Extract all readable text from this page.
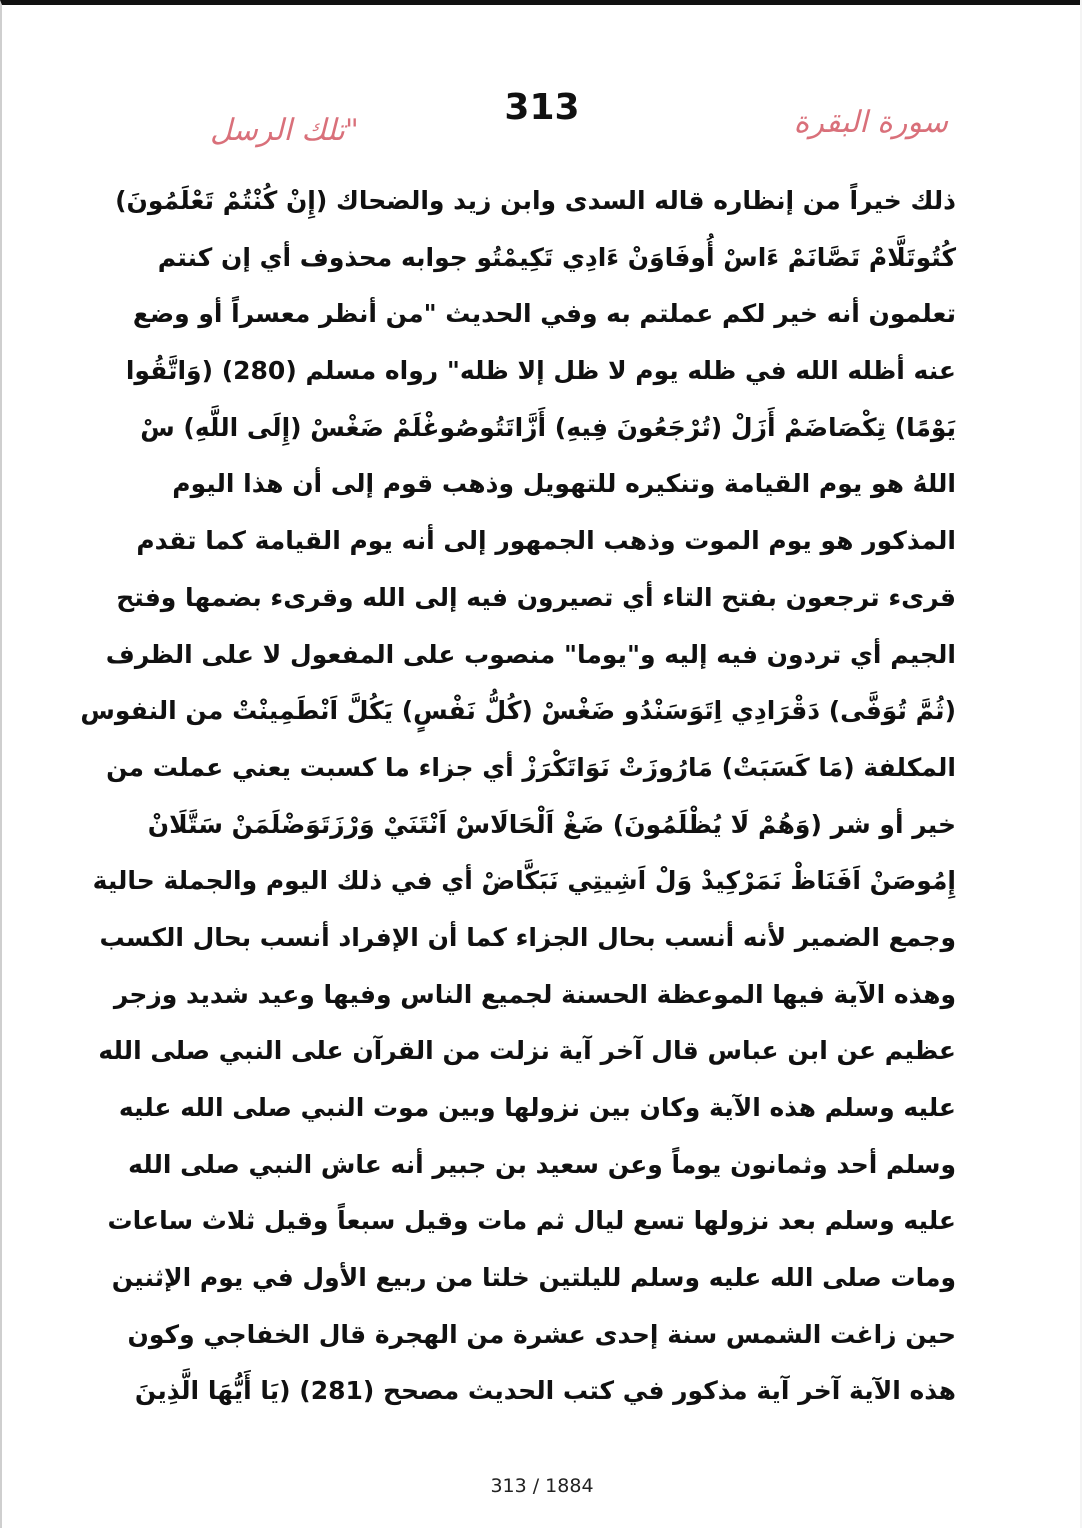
313	سورة البقرة
"تلك الرسل
ذلك خيراً من إنظاره قاله السدى وابن زيد والضحاك (إِنْ كُنْتُمْ تَعْلَمُونَ)
كُتُوتَلَّامْ تَصَّانَمْ ءَاسْ أُوفَاوَنْ ءَادِي تَكِيمْتُو جوابه محذوف أي إن كنتم
تعلمون أنه خير لكم عملتم به وفي الحديث "من أنظر معسراً أو وضع
عنه أظله الله في ظله يوم لا ظل إلا ظله" رواه مسلم (280) (وَاتَّقُوا
يَوْمًا) تِكْصَاضَمْ أَزَلْ (تُرْجَعُونَ فِيهِ) أَزَّاتَتُوصُوغْلَمْ ضَغْسْ (إِلَى اللَّهِ) سْ
اللهُ هو يوم القيامة وتنكيره للتهويل وذهب قوم إلى أن هذا اليوم
المذكور هو يوم الموت وذهب الجمهور إلى أنه يوم القيامة كما تقدم
قرىء ترجعون بفتح التاء أي تصيرون فيه إلى الله وقرىء بضمها وفتح
الجيم أي تردون فيه إليه و"يوما" منصوب على المفعول لا على الظرف
(ثُمَّ تُوَفَّى) دَقْرَادِي اِتَوَسَنْدُو ضَغْسْ (كُلُّ نَفْسٍ) يَكُلَّ اَنْطَمِينْتْ من النفوس
المكلفة (مَا كَسَبَتْ) مَارُوزَتْ نَوَاتَكْرَزْ أي جزاء ما كسبت يعني عملت من
خير أو شر (وَهُمْ لَا يُظْلَمُونَ) ضَغْ اَلْحَالَاسْ اَنْتَنَيْ وَرْزَتَوَضْلَمَنْ سَتَّلَانْ
إِمُوصَنْ اَفَنَاظْ نَمَرْكِيدْ وَلْ اَشِيتِي نَبَكَّاضْ أي في ذلك اليوم والجملة حالية
وجمع الضمير لأنه أنسب بحال الجزاء كما أن الإفراد أنسب بحال الكسب
وهذه الآية فيها الموعظة الحسنة لجميع الناس وفيها وعيد شديد وزجر
عظيم عن ابن عباس قال آخر آية نزلت من القرآن على النبي صلى الله
عليه وسلم هذه الآية وكان بين نزولها وبين موت النبي صلى الله عليه
وسلم أحد وثمانون يوماً وعن سعيد بن جبير أنه عاش النبي صلى الله
عليه وسلم بعد نزولها تسع ليال ثم مات وقيل سبعاً وقيل ثلاث ساعات
ومات صلى الله عليه وسلم لليلتين خلتا من ربيع الأول في يوم الإثنين
حين زاغت الشمس سنة إحدى عشرة من الهجرة قال الخفاجي وكون
هذه الآية آخر آية مذكور في كتب الحديث مصحح (281) (يَا أَيُّهَا الَّذِينَ
313 / 1884
